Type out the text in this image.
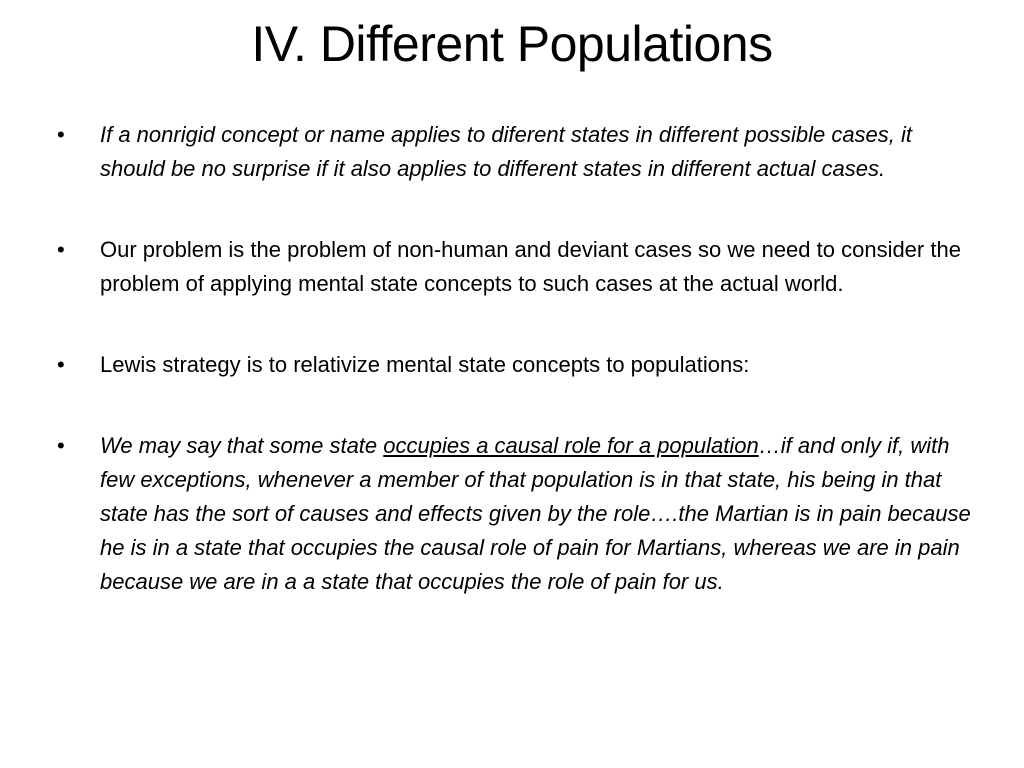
IV. Different Populations
•	If a nonrigid concept or name applies to diferent states in different possible cases, it should be no surprise if it also applies to different states in different actual cases.
•	Our problem is the problem of non-human and deviant cases so we need to consider the problem of applying mental state concepts to such cases at the actual world.
•	Lewis strategy is to relativize mental state concepts to populations:
•	We may say that some state occupies a causal role for a population…if and only if, with few exceptions, whenever a member of that population is in that state, his being in that state has the sort of causes and effects given by the role….the Martian is in pain because he is in a state that occupies the causal role of pain for Martians, whereas we are in pain because we are in a a state that occupies the role of pain for us.
